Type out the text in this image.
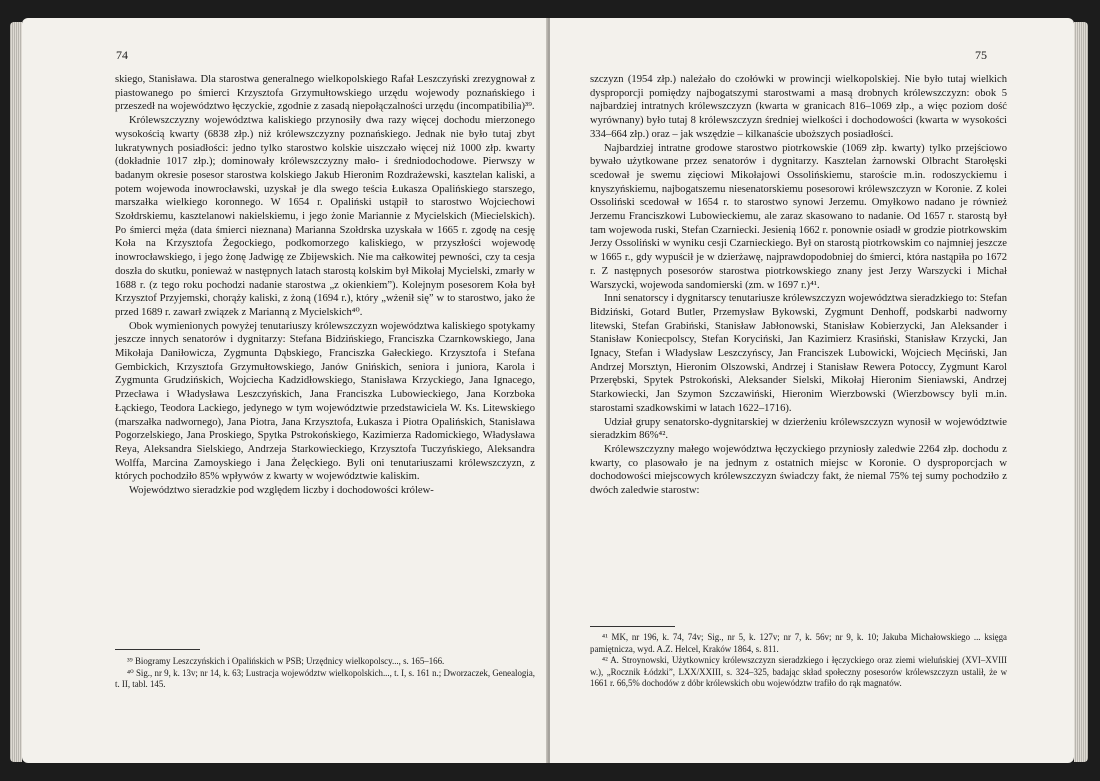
74

skiego, Stanisława. Dla starostwa generalnego wielkopolskiego Rafał Leszczyński zrezygnował z piastowanego po śmierci Krzysztofa Grzymułtowskiego urzędu wojewody poznańskiego i przeszedł na województwo łęczyckie, zgodnie z zasadą niepołączalności urzędu (incompatibilia)³⁹.

Królewszczyzny województwa kaliskiego przynosiły dwa razy więcej dochodu mierzonego wysokością kwarty (6838 złp.) niż królewszczyzny poznańskiego. Jednak nie było tutaj zbyt lukratywnych posiadłości: jedno tylko starostwo kolskie uiszczało więcej niż 1000 złp. kwarty (dokładnie 1017 złp.); dominowały królewszczyzny mało- i średniodochodowe. Pierwszy w badanym okresie posesor starostwa kolskiego Jakub Hieronim Rozdrażewski, kasztelan kaliski, a potem wojewoda inowrocławski, uzyskał je dla swego teścia Łukasza Opalińskiego starszego, marszałka wielkiego koronnego. W 1654 r. Opaliński ustąpił to starostwo Wojciechowi Szołdrskiemu, kasztelanowi nakielskiemu, i jego żonie Mariannie z Mycielskich (Miecielskich). Po śmierci męża (data śmierci nieznana) Marianna Szołdrska uzyskała w 1665 r. zgodę na cesję Koła na Krzysztofa Żegockiego, podkomorzego kaliskiego, w przyszłości wojewodę inowrocławskiego, i jego żonę Jadwigę ze Zbijewskich. Nie ma całkowitej pewności, czy ta cesja doszła do skutku, ponieważ w następnych latach starostą kolskim był Mikołaj Mycielski, zmarły w 1688 r. (z tego roku pochodzi nadanie starostwa „z okienkiem”). Kolejnym posesorem Koła był Krzysztof Przyjemski, chorąży kaliski, z żoną (1694 r.), który „wżenił się” w to starostwo, jako że przed 1689 r. zawarł związek z Marianną z Mycielskich⁴⁰.

Obok wymienionych powyżej tenutariuszy królewszczyzn województwa kaliskiego spotykamy jeszcze innych senatorów i dygnitarzy: Stefana Bidzińskiego, Franciszka Czarnkowskiego, Jana Mikołaja Daniłowicza, Zygmunta Dąbskiego, Franciszka Gałeckiego. Krzysztofa i Stefana Gembickich, Krzysztofa Grzymułtowskiego, Janów Gnińskich, seniora i juniora, Karola i Zygmunta Grudzińskich, Wojciecha Kadzidłowskiego, Stanisława Krzyckiego, Jana Ignacego, Przecława i Władysława Leszczyńskich, Jana Franciszka Lubowieckiego, Jana Korzboka Łąckiego, Teodora Lackiego, jedynego w tym województwie przedstawiciela W. Ks. Litewskiego (marszałka nadwornego), Jana Piotra, Jana Krzysztofa, Łukasza i Piotra Opalińskich, Stanisława Pogorzelskiego, Jana Proskiego, Spytka Pstrokońskiego, Kazimierza Radomickiego, Władysława Reya, Aleksandra Sielskiego, Andrzeja Starkowieckiego, Krzysztofa Tuczyńskiego, Aleksandra Wolffa, Marcina Zamoyskiego i Jana Żelęckiego. Byli oni tenutariuszami królewszczyzn, z których pochodziło 85% wpływów z kwarty w województwie kaliskim.

Województwo sieradzkie pod względem liczby i dochodowości królew-

³⁹ Biogramy Leszczyńskich i Opalińskich w PSB; Urzędnicy wielkopolscy..., s. 165–166.

⁴⁰ Sig., nr 9, k. 13v; nr 14, k. 63; Lustracja województw wielkopolskich..., t. I, s. 161 n.; Dworzaczek, Genealogia, t. II, tabl. 145.

75

szczyzn (1954 złp.) należało do czołówki w prowincji wielkopolskiej. Nie było tutaj wielkich dysproporcji pomiędzy najbogatszymi starostwami a masą drobnych królewszczyzn: obok 5 najbardziej intratnych królewszczyzn (kwarta w granicach 816–1069 złp., a więc poziom dość wyrównany) było tutaj 8 królewszczyzn średniej wielkości i dochodowości (kwarta w wysokości 334–664 złp.) oraz – jak wszędzie – kilkanaście uboższych posiadłości.

Najbardziej intratne grodowe starostwo piotrkowskie (1069 złp. kwarty) tylko przejściowo bywało użytkowane przez senatorów i dygnitarzy. Kasztelan żarnowski Olbracht Starołęski scedował je swemu zięciowi Mikołajowi Ossolińskiemu, staroście m.in. rodoszyckiemu i knyszyńskiemu, najbogatszemu niesenatorskiemu posesorowi królewszczyzn w Koronie. Z kolei Ossoliński scedował w 1654 r. to starostwo synowi Jerzemu. Omyłkowo nadano je również Jerzemu Franciszkowi Lubowieckiemu, ale zaraz skasowano to nadanie. Od 1657 r. starostą był tam wojewoda ruski, Stefan Czarniecki. Jesienią 1662 r. ponownie osiadł w grodzie piotrkowskim Jerzy Ossoliński w wyniku cesji Czarnieckiego. Był on starostą piotrkowskim co najmniej jeszcze w 1665 r., gdy wypuścił je w dzierżawę, najprawdopodobniej do śmierci, która nastąpiła po 1672 r. Z następnych posesorów starostwa piotrkowskiego znany jest Jerzy Warszycki i Michał Warszycki, wojewoda sandomierski (zm. w 1697 r.)⁴¹.

Inni senatorscy i dygnitarscy tenutariusze królewszczyzn województwa sieradzkiego to: Stefan Bidziński, Gotard Butler, Przemysław Bykowski, Zygmunt Denhoff, podskarbi nadworny litewski, Stefan Grabiński, Stanisław Jabłonowski, Stanisław Kobierzycki, Jan Aleksander i Stanisław Koniecpolscy, Stefan Koryciński, Jan Kazimierz Krasiński, Stanisław Krzycki, Jan Ignacy, Stefan i Władysław Leszczyńscy, Jan Franciszek Lubowicki, Wojciech Męciński, Jan Andrzej Morsztyn, Hieronim Olszowski, Andrzej i Stanisław Rewera Potoccy, Zygmunt Karol Przerębski, Spytek Pstrokoński, Aleksander Sielski, Mikołaj Hieronim Sieniawski, Andrzej Starkowiecki, Jan Szymon Szczawiński, Hieronim Wierzbowski (Wierzbowscy byli m.in. starostami szadkowskimi w latach 1622–1716).

Udział grupy senatorsko-dygnitarskiej w dzierżeniu królewszczyzn wynosił w województwie sieradzkim 86%⁴².

Królewszczyzny małego województwa łęczyckiego przyniosły zaledwie 2264 złp. dochodu z kwarty, co plasowało je na jednym z ostatnich miejsc w Koronie. O dysproporcjach w dochodowości miejscowych królewszczyzn świadczy fakt, że niemal 75% tej sumy pochodziło z dwóch zaledwie starostw:

⁴¹ MK, nr 196, k. 74, 74v; Sig., nr 5, k. 127v; nr 7, k. 56v; nr 9, k. 10; Jakuba Michałowskiego ... księga pamiętnicza, wyd. A.Z. Helcel, Kraków 1864, s. 811.

⁴² A. Stroynowski, Użytkownicy królewszczyzn sieradzkiego i łęczyckiego oraz ziemi wieluńskiej (XVI–XVIII w.), „Rocznik Łódzki”, LXX/XXIII, s. 324–325, badając skład społeczny posesorów królewszczyzn ustalił, że w 1661 r. 66,5% dochodów z dóbr królewskich obu województw trafiło do rąk magnatów.
